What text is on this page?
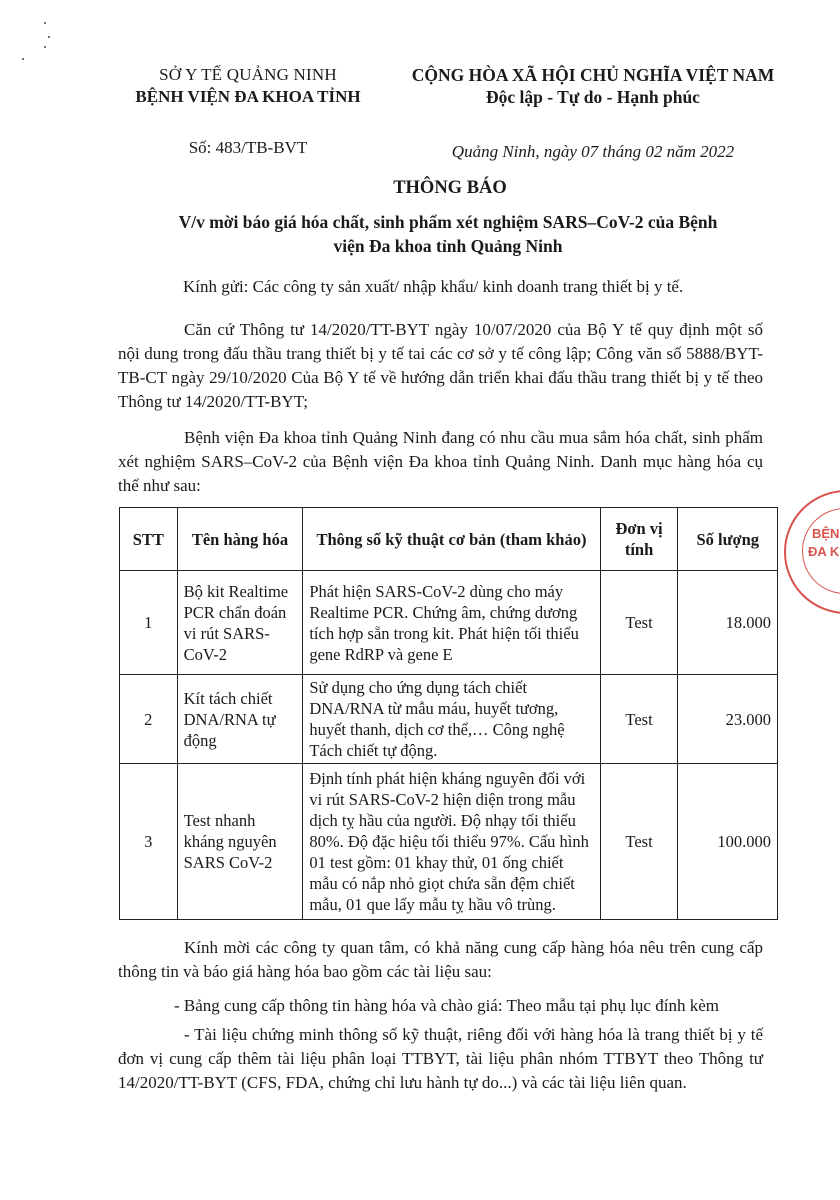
SỞ Y TẾ QUẢNG NINH
BỆNH VIỆN ĐA KHOA TỈNH
CỘNG HÒA XÃ HỘI CHỦ NGHĨA VIỆT NAM
Độc lập - Tự do - Hạnh phúc
Số: 483/TB-BVT	Quảng Ninh, ngày 07 tháng 02 năm 2022
THÔNG BÁO
V/v mời báo giá hóa chất, sinh phẩm xét nghiệm SARS–CoV-2 của Bệnh
viện Đa khoa tỉnh Quảng Ninh
Kính gửi: Các công ty sản xuất/ nhập khẩu/ kinh doanh trang thiết bị y tế.
Căn cứ Thông tư 14/2020/TT-BYT ngày 10/07/2020 của Bộ Y tế quy định một số nội dung trong đấu thầu trang thiết bị y tế tai các cơ sở y tế công lập; Công văn số 5888/BYT-TB-CT ngày 29/10/2020 Của Bộ Y tế về hướng dẫn triển khai đấu thầu trang thiết bị y tế theo Thông tư 14/2020/TT-BYT;
Bệnh viện Đa khoa tỉnh Quảng Ninh đang có nhu cầu mua sắm hóa chất, sinh phẩm xét nghiệm SARS–CoV-2 của Bệnh viện Đa khoa tỉnh Quảng Ninh. Danh mục hàng hóa cụ thể như sau:
STT	Tên hàng hóa	Thông số kỹ thuật cơ bản (tham khảo)	Đơn vị tính	Số lượng
1	Bộ kit Realtime PCR chẩn đoán vi rút SARS-CoV-2	Phát hiện SARS-CoV-2 dùng cho máy Realtime PCR. Chứng âm, chứng dương tích hợp sẵn trong kit. Phát hiện tối thiểu gene RdRP và gene E	Test	18.000
2	Kít tách chiết DNA/RNA tự động	Sử dụng cho ứng dụng tách chiết DNA/RNA từ mẫu máu, huyết tương, huyết thanh, dịch cơ thể,… Công nghệ Tách chiết tự động.	Test	23.000
3	Test nhanh kháng nguyên SARS CoV-2	Định tính phát hiện kháng nguyên đối với vi rút SARS-CoV-2 hiện diện trong mẫu dịch tỵ hầu của người. Độ nhạy tối thiểu 80%. Độ đặc hiệu tối thiểu 97%. Cấu hình 01 test gồm: 01 khay thử, 01 ống chiết mẫu có nắp nhỏ giọt chứa sẵn đệm chiết mẫu, 01 que lấy mẫu tỵ hầu vô trùng.	Test	100.000
BỆN
ĐA K
Kính mời các công ty quan tâm, có khả năng cung cấp hàng hóa nêu trên cung cấp thông tin và báo giá hàng hóa bao gồm các tài liệu sau:
- Bảng cung cấp thông tin hàng hóa và chào giá: Theo mẫu tại phụ lục đính kèm
- Tài liệu chứng minh thông số kỹ thuật, riêng đối với hàng hóa là trang thiết bị y tế đơn vị cung cấp thêm tài liệu phân loại TTBYT, tài liệu phân nhóm TTBYT theo Thông tư 14/2020/TT-BYT (CFS, FDA, chứng chỉ lưu hành tự do...) và các tài liệu liên quan.
